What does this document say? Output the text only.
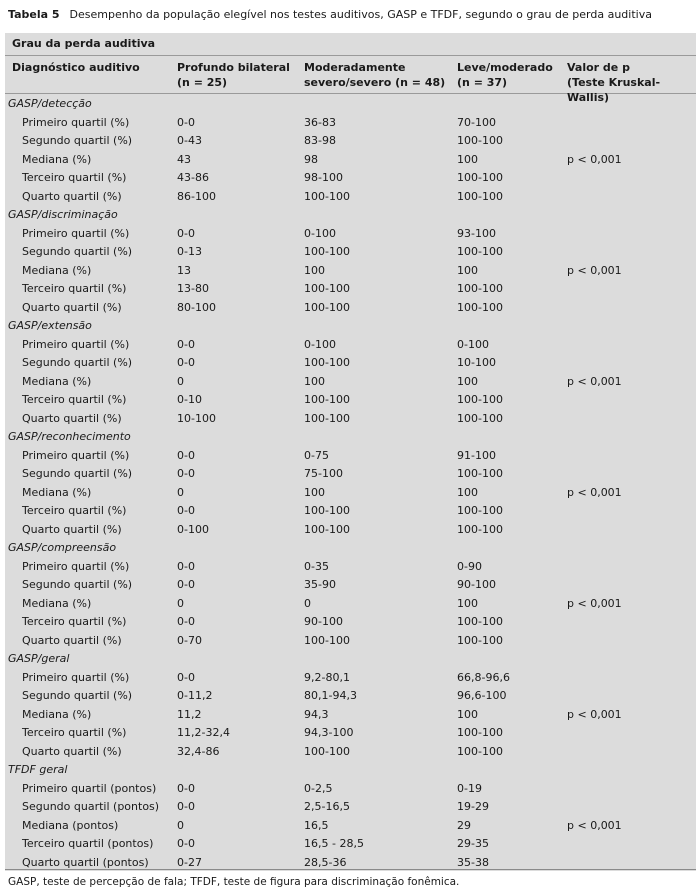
Tabela 5 Desempenho da população elegível nos testes auditivos, GASP e TFDF, segundo o grau de perda auditiva
Grau da perda auditiva
Diagnóstico auditivo	Profundo bilateral
(n = 25)
Moderadamente
severo/severo (n = 48)
Leve/moderado
(n = 37)
Valor de p
(Teste Kruskal-Wallis)
GASP/detecção
Primeiro quartil (%)	0-0	36-83	70-100
Segundo quartil (%)	0-43	83-98	100-100
Mediana (%)	43	98	100	p < 0,001
Terceiro quartil (%)	43-86	98-100	100-100
Quarto quartil (%)	86-100	100-100	100-100
GASP/discriminação
Primeiro quartil (%)	0-0	0-100	93-100
Segundo quartil (%)	0-13	100-100	100-100
Mediana (%)	13	100	100	p < 0,001
Terceiro quartil (%)	13-80	100-100	100-100
Quarto quartil (%)	80-100	100-100	100-100
GASP/extensão
Primeiro quartil (%)	0-0	0-100	0-100
Segundo quartil (%)	0-0	100-100	10-100
Mediana (%)	0	100	100	p < 0,001
Terceiro quartil (%)	0-10	100-100	100-100
Quarto quartil (%)	10-100	100-100	100-100
GASP/reconhecimento
Primeiro quartil (%)	0-0	0-75	91-100
Segundo quartil (%)	0-0	75-100	100-100
Mediana (%)	0	100	100	p < 0,001
Terceiro quartil (%)	0-0	100-100	100-100
Quarto quartil (%)	0-100	100-100	100-100
GASP/compreensão
Primeiro quartil (%)	0-0	0-35	0-90
Segundo quartil (%)	0-0	35-90	90-100
Mediana (%)	0	0	100	p < 0,001
Terceiro quartil (%)	0-0	90-100	100-100
Quarto quartil (%)	0-70	100-100	100-100
GASP/geral
Primeiro quartil (%)	0-0	9,2-80,1	66,8-96,6
Segundo quartil (%)	0-11,2	80,1-94,3	96,6-100
Mediana (%)	11,2	94,3	100	p < 0,001
Terceiro quartil (%)	11,2-32,4	94,3-100	100-100
Quarto quartil (%)	32,4-86	100-100	100-100
TFDF geral
Primeiro quartil (pontos) 0-0	0-2,5	0-19
Segundo quartil (pontos) 0-0	2,5-16,5	19-29
Mediana (pontos)	0	16,5	29	p < 0,001
Terceiro quartil (pontos) 0-0	16,5 - 28,5	29-35
Quarto quartil (pontos)	0-27	28,5-36	35-38
GASP, teste de percepção de fala; TFDF, teste de figura para discriminação fonêmica.
